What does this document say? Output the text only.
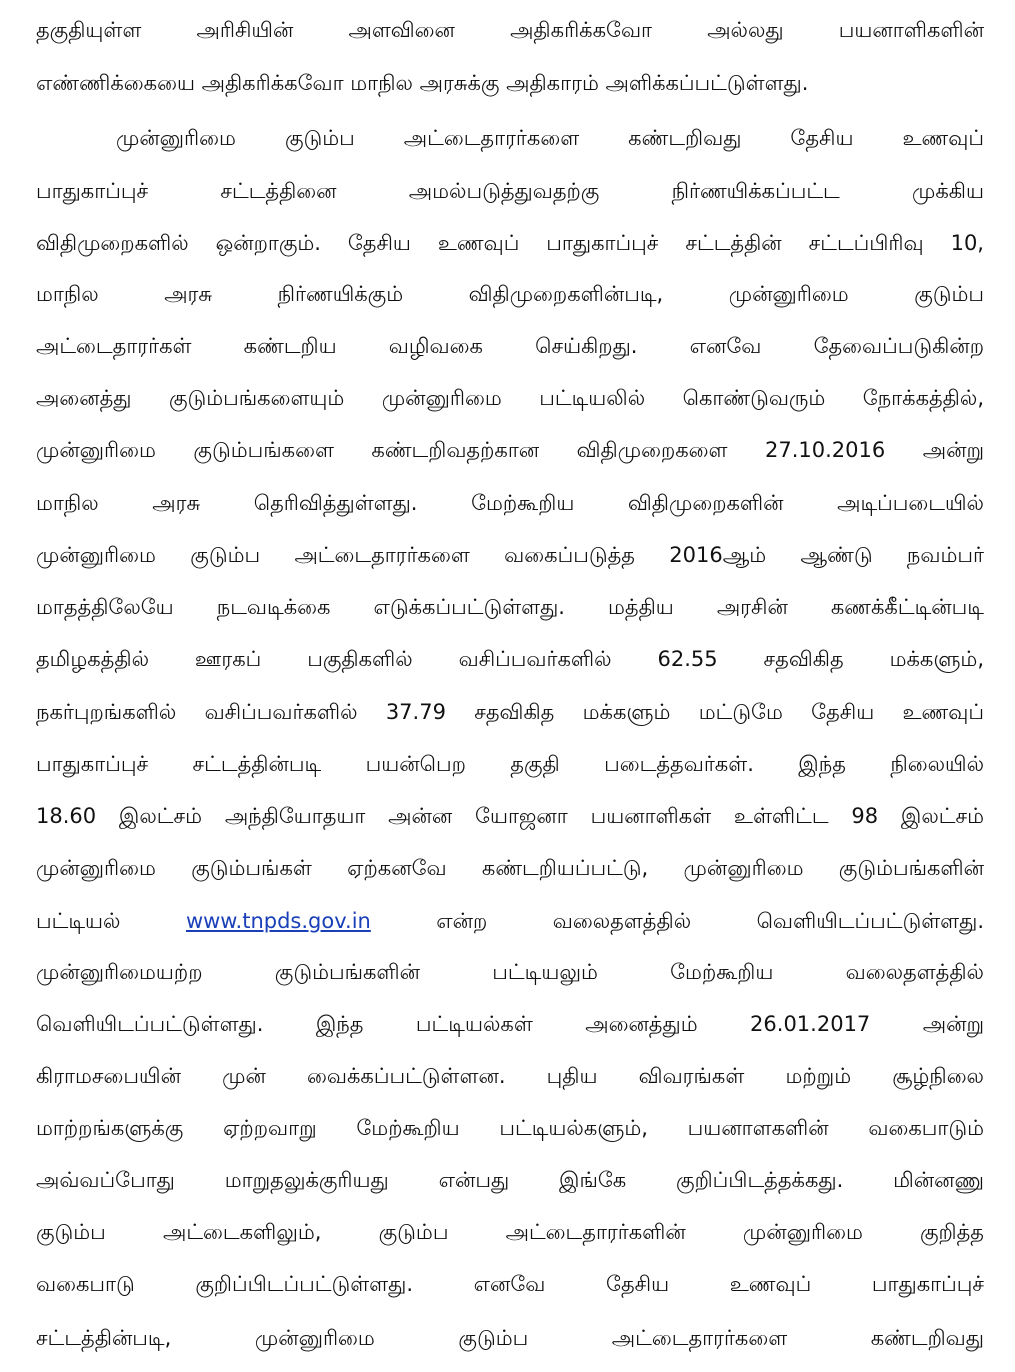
தகுதியுள்ள அரிசியின் அளவினை அதிகரிக்கவோ அல்லது பயனாளிகளின்
எண்ணிக்கையை அதிகரிக்கவோ மாநில அரசுக்கு அதிகாரம் அளிக்கப்பட்டுள்ளது.
முன்னுரிமை குடும்ப அட்டைதாரர்களை கண்டறிவது தேசிய உணவுப்
பாதுகாப்புச் சட்டத்தினை அமல்படுத்துவதற்கு நிர்ணயிக்கப்பட்ட முக்கிய
விதிமுறைகளில் ஒன்றாகும். தேசிய உணவுப் பாதுகாப்புச் சட்டத்தின் சட்டப்பிரிவு 10,
மாநில அரசு நிர்ணயிக்கும் விதிமுறைகளின்படி, முன்னுரிமை குடும்ப
அட்டைதாரர்கள் கண்டறிய வழிவகை செய்கிறது. எனவே தேவைப்படுகின்ற
அனைத்து குடும்பங்களையும் முன்னுரிமை பட்டியலில் கொண்டுவரும் நோக்கத்தில்,
முன்னுரிமை குடும்பங்களை கண்டறிவதற்கான விதிமுறைகளை 27.10.2016 அன்று
மாநில அரசு தெரிவித்துள்ளது. மேற்கூறிய விதிமுறைகளின் அடிப்படையில்
முன்னுரிமை குடும்ப அட்டைதாரர்களை வகைப்படுத்த 2016ஆம் ஆண்டு நவம்பர்
மாதத்திலேயே நடவடிக்கை எடுக்கப்பட்டுள்ளது. மத்திய அரசின் கணக்கீட்டின்படி
தமிழகத்தில் ஊரகப் பகுதிகளில் வசிப்பவர்களில் 62.55 சதவிகித மக்களும்,
நகர்புறங்களில் வசிப்பவர்களில் 37.79 சதவிகித மக்களும் மட்டுமே தேசிய உணவுப்
பாதுகாப்புச் சட்டத்தின்படி பயன்பெற தகுதி படைத்தவர்கள். இந்த நிலையில்
18.60 இலட்சம் அந்தியோதயா அன்ன யோஜனா பயனாளிகள் உள்ளிட்ட 98 இலட்சம்
முன்னுரிமை குடும்பங்கள் ஏற்கனவே கண்டறியப்பட்டு, முன்னுரிமை குடும்பங்களின்
பட்டியல்	www.tnpds.gov.in	என்ற வலைதளத்தில் வெளியிடப்பட்டுள்ளது.
முன்னுரிமையற்ற குடும்பங்களின் பட்டியலும் மேற்கூறிய வலைதளத்தில்
வெளியிடப்பட்டுள்ளது. இந்த பட்டியல்கள் அனைத்தும் 26.01.2017 அன்று
கிராமசபையின் முன் வைக்கப்பட்டுள்ளன. புதிய விவரங்கள் மற்றும் சூழ்நிலை
மாற்றங்களுக்கு ஏற்றவாறு மேற்கூறிய பட்டியல்களும், பயனாளகளின் வகைபாடும்
அவ்வப்போது மாறுதலுக்குரியது என்பது இங்கே குறிப்பிடத்தக்கது. மின்னணு
குடும்ப அட்டைகளிலும், குடும்ப அட்டைதாரர்களின் முன்னுரிமை குறித்த
வகைபாடு குறிப்பிடப்பட்டுள்ளது. எனவே தேசிய உணவுப் பாதுகாப்புச்
சட்டத்தின்படி, முன்னுரிமை குடும்ப அட்டைதாரர்களை கண்டறிவது
